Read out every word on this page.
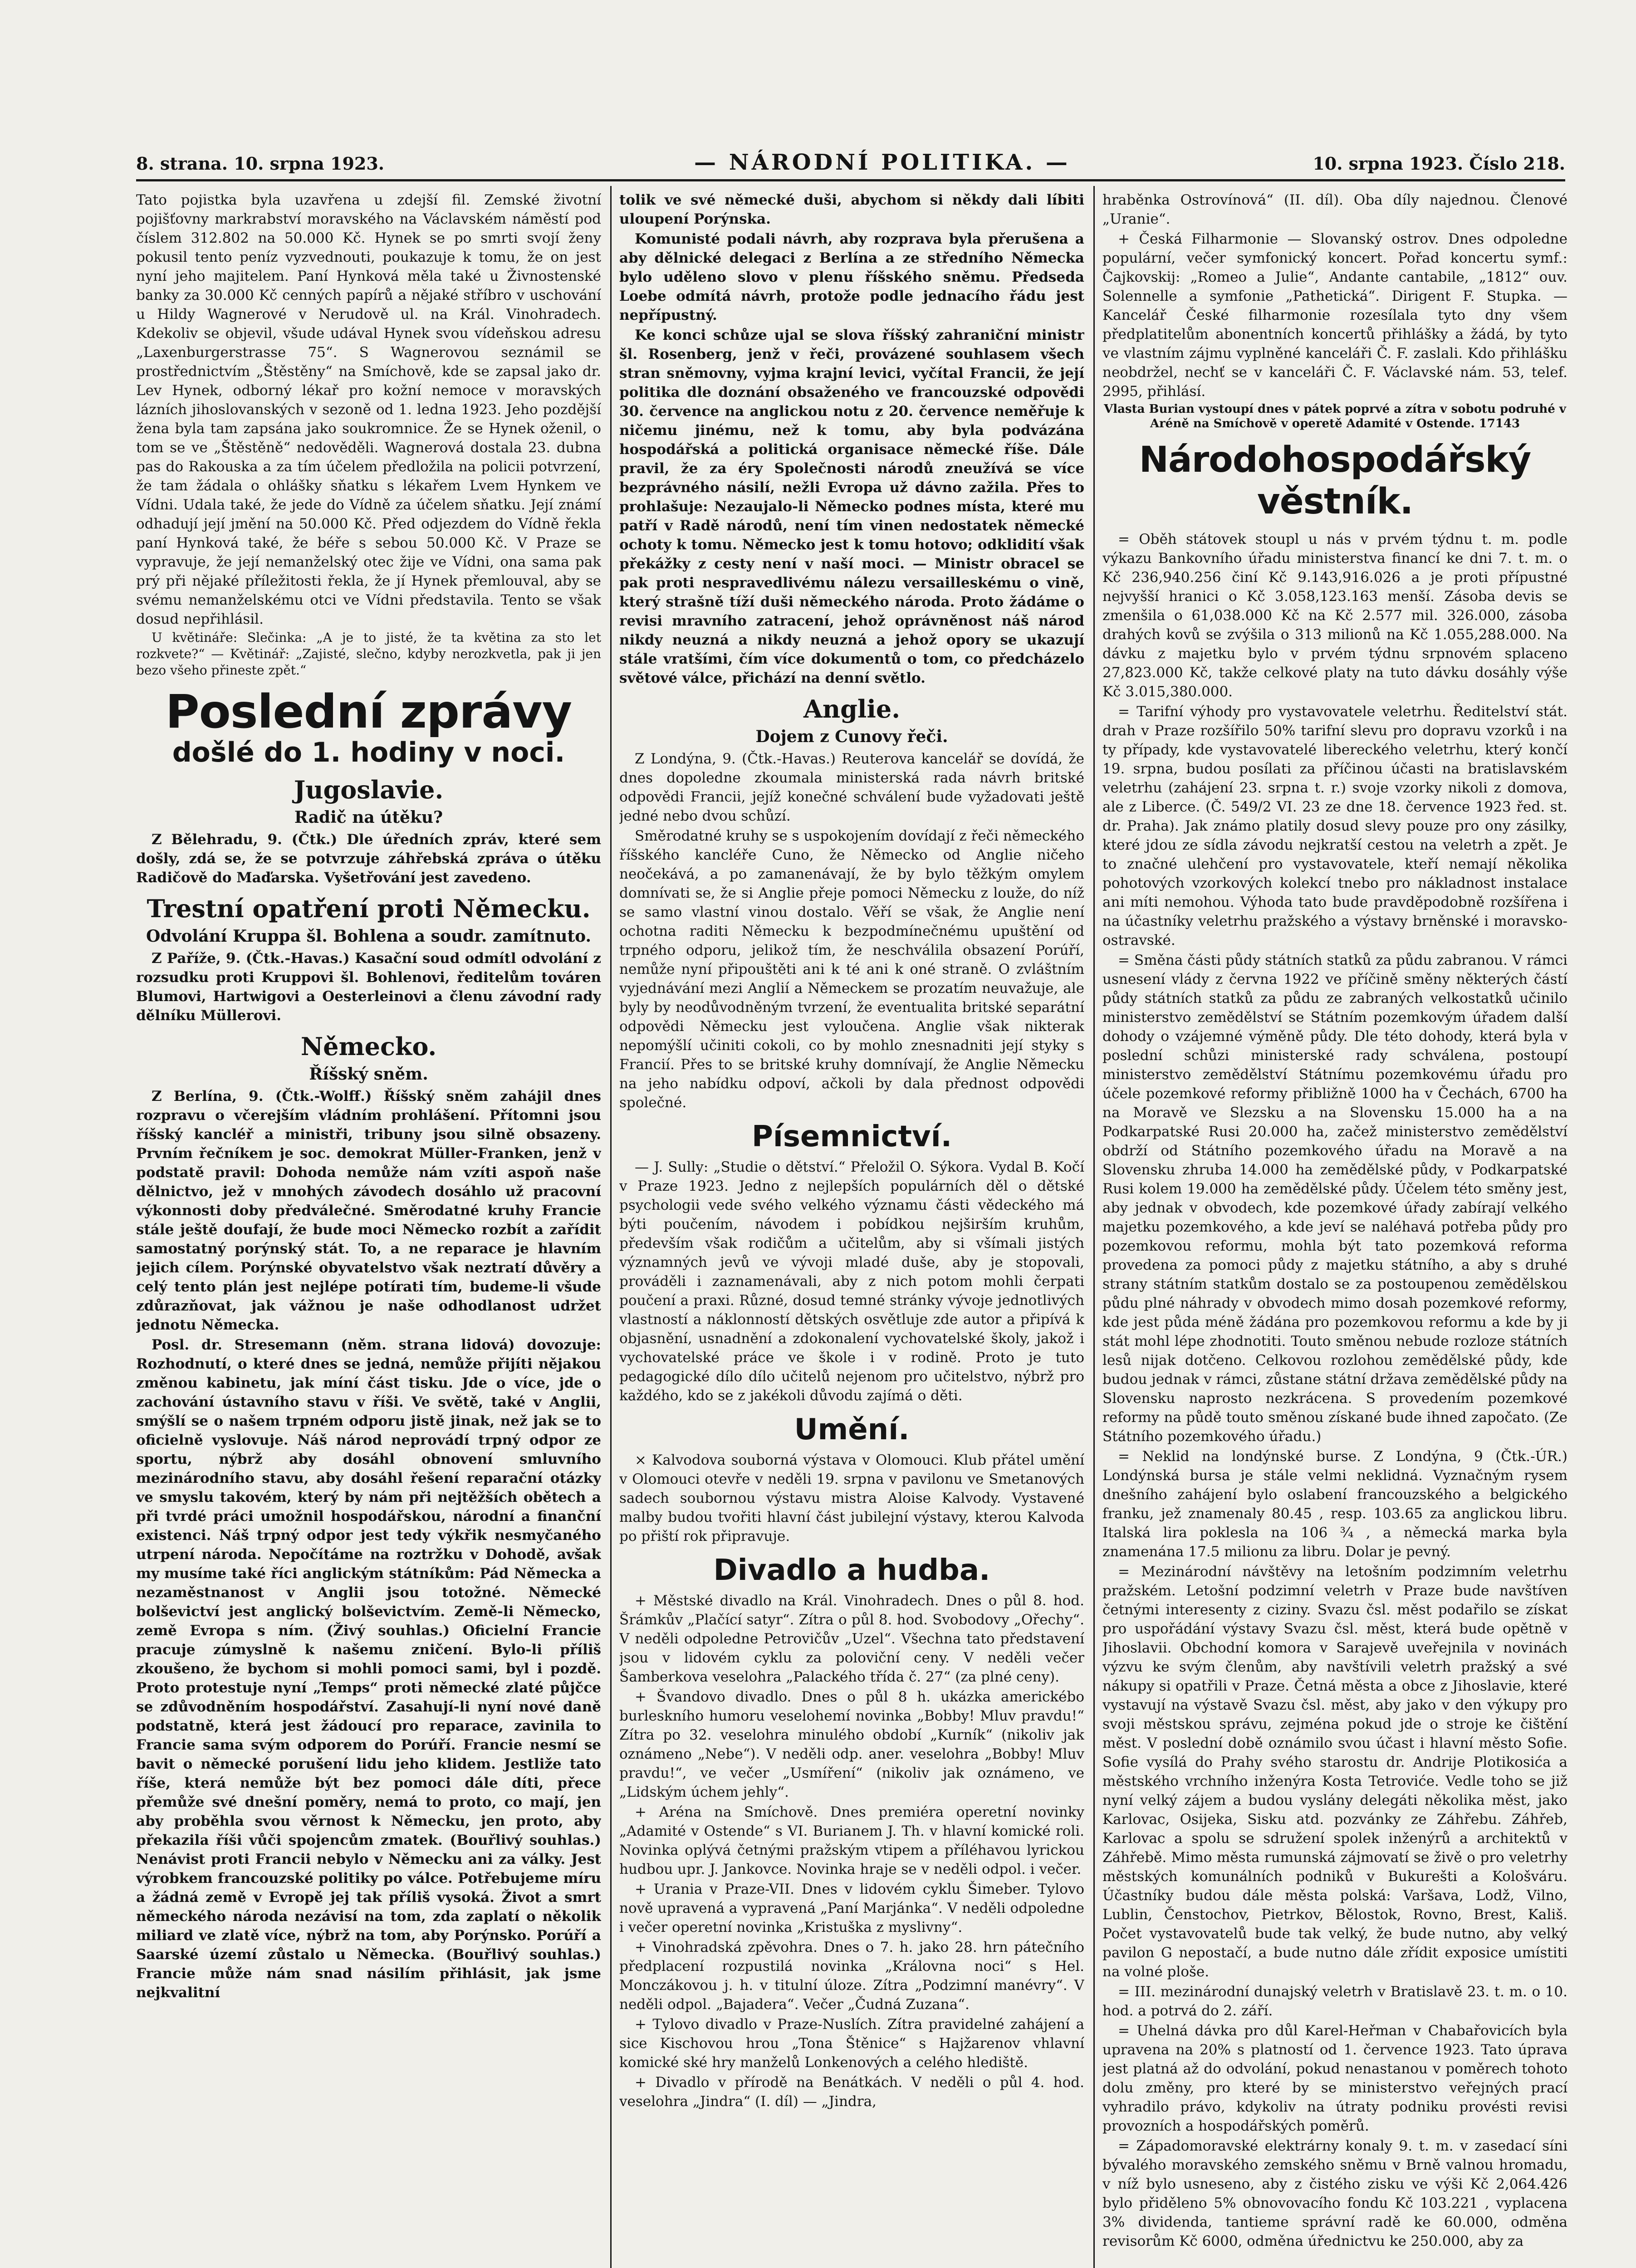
8. strana. 10. srpna 1923.	— NÁRODNÍ POLITIKA. —	10. srpna 1923. Číslo 218.

Tato pojistka byla uzavřena u zdejší fil. Zemské životní pojišťovny markrabství moravského na Václavském náměstí pod číslem 312.802 na 50.000 Kč. Hynek se po smrti svojí ženy pokusil tento peníz vyzvednouti, poukazuje k tomu, že on jest nyní jeho majitelem. Paní Hynková měla také u Živnostenské banky za 30.000 Kč cenných papírů a nějaké stříbro v uschování u Hildy Wagnerové v Nerudově ul. na Král. Vinohradech. Kdekoliv se objevil, všude udával Hynek svou vídeňskou adresu „Laxenburgerstrasse 75“. S Wagnerovou seznámil se prostřednictvím „Štěstěny“ na Smíchově, kde se zapsal jako dr. Lev Hynek, odborný lékař pro kožní nemoce v moravských lázních jihoslovanských v sezoně od 1. ledna 1923. Jeho pozdější žena byla tam zapsána jako soukromnice. Že se Hynek oženil, o tom se ve „Štěstěně“ nedověděli. Wagnerová dostala 23. dubna pas do Rakouska a za tím účelem předložila na policii potvrzení, že tam žádala o ohlášky sňatku s lékařem Lvem Hynkem ve Vídni. Udala také, že jede do Vídně za účelem sňatku. Její známí odhadují její jmění na 50.000 Kč. Před odjezdem do Vídně řekla paní Hynková také, že béře s sebou 50.000 Kč. V Praze se vypravuje, že její nemanželský otec žije ve Vídni, ona sama pak prý při nějaké příležitosti řekla, že jí Hynek přemlouval, aby se svému nemanželskému otci ve Vídni představila. Tento se však dosud nepřihlásil.

U květináře: Slečinka: „A je to jisté, že ta květina za sto let rozkvete?“ — Květinář: „Zajisté, slečno, kdyby nerozkvetla, pak ji jen bezo všeho přineste zpět.“

Poslední zprávy
došlé do 1. hodiny v noci.
Jugoslavie.
Radič na útěku?

Z Bělehradu, 9. (Čtk.) Dle úředních zpráv, které sem došly, zdá se, že se potvrzuje záhřebská zpráva o útěku Radičově do Maďarska. Vyšetřování jest zavedeno.

Trestní opatření proti Německu.
Odvolání Kruppa šl. Bohlena a soudr. zamítnuto.

Z Paříže, 9. (Čtk.-Havas.) Kasační soud odmítl odvolání z rozsudku proti Kruppovi šl. Bohlenovi, ředitelům továren Blumovi, Hartwigovi a Oesterleinovi a členu závodní rady dělníku Müllerovi.

Německo.
Říšský sněm.

Z Berlína, 9. (Čtk.-Wolff.) Říšský sněm zahájil dnes rozpravu o včerejším vládním prohlášení. Přítomni jsou říšský kancléř a ministři, tribuny jsou silně obsazeny. Prvním řečníkem je soc. demokrat Müller-Franken, jenž v podstatě pravil: Dohoda nemůže nám vzíti aspoň naše dělnictvo, jež v mnohých závodech dosáhlo už pracovní výkonnosti doby předválečné. Směrodatné kruhy Francie stále ještě doufají, že bude moci Německo rozbít a zařídit samostatný porýnský stát. To, a ne reparace je hlavním jejich cílem. Porýnské obyvatelstvo však neztratí důvěry a celý tento plán jest nejlépe potírati tím, budeme-li všude zdůrazňovat, jak vážnou je naše odhodlanost udržet jednotu Německa.

Posl. dr. Stresemann (něm. strana lidová) dovozuje: Rozhodnutí, o které dnes se jedná, nemůže přijíti nějakou změnou kabinetu, jak míní část tisku. Jde o více, jde o zachování ústavního stavu v říši. Ve světě, také v Anglii, smýšlí se o našem trpném odporu jistě jinak, než jak se to oficielně vyslovuje. Náš národ neprovádí trpný odpor ze sportu, nýbrž aby dosáhl obnovení smluvního mezinárodního stavu, aby dosáhl řešení reparační otázky ve smyslu takovém, který by nám při nejtěžších obětech a při tvrdé práci umožnil hospodářskou, národní a finanční existenci. Náš trpný odpor jest tedy výkřik nesmyčaného utrpení národa. Nepočítáme na roztržku v Dohodě, avšak my musíme také říci anglickým státníkům: Pád Německa a nezaměstnanost v Anglii jsou totožné. Německé bolševictví jest anglický bolševictvím. Země-li Německo, země Evropa s ním. (Živý souhlas.) Oficielní Francie pracuje zúmyslně k našemu zničení. Bylo-li příliš zkoušeno, že bychom si mohli pomoci sami, byl i pozdě. Proto protestuje nyní „Temps“ proti německé zlaté půjčce se zdůvodněním hospodářství. Zasahují-li nyní nové daně podstatně, která jest žádoucí pro reparace, zavinila to Francie sama svým odporem do Porúří. Francie nesmí se bavit o německé porušení lidu jeho klidem. Jestliže tato říše, která nemůže být bez pomoci dále díti, přece přemůže své dnešní poměry, nemá to proto, co mají, jen aby proběhla svou věrnost k Německu, jen proto, aby překazila říši vůči spojencům zmatek. (Bouřlivý souhlas.) Nenávist proti Francii nebylo v Německu ani za války. Jest výrobkem francouzské politiky po válce. Potřebujeme míru a žádná země v Evropě jej tak příliš vysoká. Život a smrt německého národa nezávisí na tom, zda zaplatí o několik miliard ve zlatě více, nýbrž na tom, aby Porýnsko. Porúří a Saarské území zůstalo u Německa. (Bouřlivý souhlas.) Francie může nám snad násilím přihlásit, jak jsme nejkvalitní

tolik ve své německé duši, abychom si někdy dali líbiti uloupení Porýnska.

Komunisté podali návrh, aby rozprava byla přerušena a aby dělnické delegaci z Berlína a ze středního Německa bylo uděleno slovo v plenu říšského sněmu. Předseda Loebe odmítá návrh, protože podle jednacího řádu jest nepřípustný.

Ke konci schůze ujal se slova říšský zahraniční ministr šl. Rosenberg, jenž v řeči, provázené souhlasem všech stran sněmovny, vyjma krajní levici, vyčítal Francii, že její politika dle doznání obsaženého ve francouzské odpovědi 30. července na anglickou notu z 20. července neměřuje k ničemu jinému, než k tomu, aby byla podvázána hospodářská a politická organisace německé říše. Dále pravil, že za éry Společnosti národů zneužívá se více bezprávného násilí, nežli Evropa už dávno zažila. Přes to prohlašuje: Nezaujalo-li Německo podnes místa, které mu patří v Radě národů, není tím vinen nedostatek německé ochoty k tomu. Německo jest k tomu hotovo; odklidití však překážky z cesty není v naší moci. — Ministr obracel se pak proti nespravedlivému nálezu versailleskému o vině, který strašně tíží duši německého národa. Proto žádáme o revisi mravního zatracení, jehož oprávněnost náš národ nikdy neuzná a nikdy neuzná a jehož opory se ukazují stále vratšími, čím více dokumentů o tom, co předcházelo světové válce, přichází na denní světlo.

Anglie.
Dojem z Cunovy řeči.

Z Londýna, 9. (Čtk.-Havas.) Reuterova kancelář se dovídá, že dnes dopoledne zkoumala ministerská rada návrh britské odpovědi Francii, jejíž konečné schválení bude vyžadovati ještě jedné nebo dvou schůzí.

Směrodatné kruhy se s uspokojením dovídají z řeči německého říšského kancléře Cuno, že Německo od Anglie ničeho neočekává, a po zamanenávají, že by bylo těžkým omylem domnívati se, že si Anglie přeje pomoci Německu z louže, do níž se samo vlastní vinou dostalo. Věří se však, že Anglie není ochotna raditi Německu k bezpodmínečnému upuštění od trpného odporu, jelikož tím, že neschválila obsazení Porúří, nemůže nyní připouštěti ani k té ani k oné straně. O zvláštním vyjednávání mezi Anglií a Německem se prozatím neuvažuje, ale byly by neodůvodněným tvrzení, že eventualita britské separátní odpovědi Německu jest vyloučena. Anglie však nikterak nepomýšlí učiniti cokoli, co by mohlo znesnadniti její styky s Francií. Přes to se britské kruhy domnívají, že Anglie Německu na jeho nabídku odpoví, ačkoli by dala přednost odpovědi společné.

Písemnictví.

— J. Sully: „Studie o dětství.“ Přeložil O. Sýkora. Vydal B. Kočí v Praze 1923. Jedno z nejlepších populárních děl o dětské psychologii vede svého velkého významu části vědeckého má býti poučením, návodem i pobídkou nejširším kruhům, především však rodičům a učitelům, aby si všímali jistých významných jevů ve vývoji mladé duše, aby je stopovali, prováděli i zaznamenávali, aby z nich potom mohli čerpati poučení a praxi. Různé, dosud temné stránky vývoje jednotlivých vlastností a náklonností dětských osvětluje zde autor a připívá k objasnění, usnadnění a zdokonalení vychovatelské školy, jakož i vychovatelské práce ve škole i v rodině. Proto je tuto pedagogické dílo dílo učitelů nejenom pro učitelstvo, nýbrž pro každého, kdo se z jakékoli důvodu zajímá o děti.

Umění.

× Kalvodova souborná výstava v Olomouci. Klub přátel umění v Olomouci otevře v neděli 19. srpna v pavilonu ve Smetanových sadech soubornou výstavu mistra Aloise Kalvody. Vystavené malby budou tvořiti hlavní část jubilejní výstavy, kterou Kalvoda po přiští rok připravuje.

Divadlo a hudba.

+ Městské divadlo na Král. Vinohradech. Dnes o půl 8. hod. Šrámkův „Plačící satyr“. Zítra o půl 8. hod. Svobodovy „Ořechy“. V neděli odpoledne Petrovičův „Uzel“. Všechna tato představení jsou v lidovém cyklu za poloviční ceny. V neděli večer Šamberkova veselohra „Palackého třída č. 27“ (za plné ceny).

+ Švandovo divadlo. Dnes o půl 8 h. ukázka americkébo burleskního humoru veselohemí novinka „Bobby! Mluv pravdu!“ Zítra po 32. veselohra minulého období „Kurník“ (nikoliv jak oznámeno „Nebe“). V neděli odp. aner. veselohra „Bobby! Mluv pravdu!“, ve večer „Usmíření“ (nikoliv jak oznámeno, ve „Lidským úchem jehly“.

+ Aréna na Smíchově. Dnes premiéra operetní novinky „Adamité v Ostende“ s VI. Burianem J. Th. v hlavní komické roli. Novinka oplývá četnými pražským vtipem a příléhavou lyrickou hudbou upr. J. Jankovce. Novinka hraje se v neděli odpol. i večer.

+ Urania v Praze-VII. Dnes v lidovém cyklu Šimeber. Tylovo nově upravená a vypravená „Paní Marjánka“. V neděli odpoledne i večer operetní novinka „Kristuška z myslivny“.

+ Vinohradská zpěvohra. Dnes o 7. h. jako 28. hrn pátečního předplacení rozpustilá novinka „Královna noci“ s Hel. Monczákovou j. h. v titulní úloze. Zítra „Podzimní manévry“. V neděli odpol. „Bajadera“. Večer „Čudná Zuzana“.

+ Tylovo divadlo v Praze-Nuslích. Zítra pravidelné zahájení a sice Kischovou hrou „Tona Štěnice“ s Hajžarenov vhlavní komické ské hry manželů Lonkenových a celého hlediště.

+ Divadlo v přírodě na Benátkách. V neděli o půl 4. hod. veselohra „Jindra“ (I. díl) — „Jindra,

hraběnka Ostrovínová“ (II. díl). Oba díly najednou. Členové „Uranie“.

+ Česká Filharmonie — Slovanský ostrov. Dnes odpoledne populární, večer symfonický koncert. Pořad koncertu symf.: Čajkovskij: „Romeo a Julie“, Andante cantabile, „1812“ ouv. Solennelle a symfonie „Pathetická“. Dirigent F. Stupka. — Kancelář České filharmonie rozesílala tyto dny všem předplatitelům abonentních koncertů přihlášky a žádá, by tyto ve vlastním zájmu vyplněné kanceláři Č. F. zaslali. Kdo přihlášku neobdržel, nechť se v kanceláři Č. F. Václavské nám. 53, telef. 2995, přihlásí.

Vlasta Burian vystoupí dnes v pátek poprvé a zítra v sobotu podruhé v Aréně na Smíchově v operetě Adamité v Ostende. 17143

Národohospodářský věstník.

= Oběh státovek stoupl u nás v prvém týdnu t. m. podle výkazu Bankovního úřadu ministerstva financí ke dni 7. t. m. o Kč 236,940.256 činí Kč 9.143,916.026 a je proti přípustné nejvyšší hranici o Kč 3.058,123.163 menší. Zásoba devis se zmenšila o 61,038.000 Kč na Kč 2.577 mil. 326.000, zásoba drahých kovů se zvýšila o 313 milionů na Kč 1.055,288.000. Na dávku z majetku bylo v prvém týdnu srpnovém splaceno 27,823.000 Kč, takže celkové platy na tuto dávku dosáhly výše Kč 3.015,380.000.

= Tarifní výhody pro vystavovatele veletrhu. Ředitelství stát. drah v Praze rozšířilo 50% tarifní slevu pro dopravu vzorků i na ty případy, kde vystavovatelé libereckého veletrhu, který končí 19. srpna, budou posílati za příčinou účasti na bratislavském veletrhu (zahájení 23. srpna t. r.) svoje vzorky nikoli z domova, ale z Liberce. (Č. 549/2 VI. 23 ze dne 18. července 1923 řed. st. dr. Praha). Jak známo platily dosud slevy pouze pro ony zásilky, které jdou ze sídla závodu nejkratší cestou na veletrh a zpět. Je to značné ulehčení pro vystavovatele, kteří nemají několika pohotových vzorkových kolekcí tnebo pro nákladnost instalace ani míti nemohou. Výhoda tato bude pravděpodobně rozšířena i na účastníky veletrhu pražského a výstavy brněnské i moravsko-ostravské.

= Směna části půdy státních statků za půdu zabranou. V rámci usnesení vlády z června 1922 ve příčině směny některých částí půdy státních statků za půdu ze zabraných velkostatků učinilo ministerstvo zemědělství se Státním pozemkovým úřadem další dohody o vzájemné výměně půdy. Dle této dohody, která byla v poslední schůzi ministerské rady schválena, postoupí ministerstvo zemědělství Státnímu pozemkovému úřadu pro účele pozemkové reformy přibližně 1000 ha v Čechách, 6700 ha na Moravě ve Slezsku a na Slovensku 15.000 ha a na Podkarpatské Rusi 20.000 ha, začež ministerstvo zemědělství obdrží od Státního pozemkového úřadu na Moravě a na Slovensku zhruba 14.000 ha zemědělské půdy, v Podkarpatské Rusi kolem 19.000 ha zemědělské půdy. Účelem této směny jest, aby jednak v obvodech, kde pozemkové úřady zabírají velkého majetku pozemkového, a kde jeví se naléhavá potřeba půdy pro pozemkovou reformu, mohla být tato pozemková reforma provedena za pomoci půdy z majetku státního, a aby s druhé strany státním statkům dostalo se za postoupenou zemědělskou půdu plné náhrady v obvodech mimo dosah pozemkové reformy, kde jest půda méně žádána pro pozemkovou reformu a kde by ji stát mohl lépe zhodnotiti. Touto směnou nebude rozloze státních lesů nijak dotčeno. Celkovou rozlohou zemědělské půdy, kde budou jednak v rámci, zůstane státní država zemědělské půdy na Slovensku naprosto nezkrácena. S provedením pozemkové reformy na půdě touto směnou získané bude ihned započato. (Ze Státního pozemkového úřadu.)

= Neklid na londýnské burse. Z Londýna, 9 (Čtk.-ÚR.) Londýnská bursa je stále velmi neklidná. Vyznačným rysem dnešního zahájení bylo oslabení francouzského a belgického franku, jež znamenaly 80.45 , resp. 103.65 za anglickou libru. Italská lira poklesla na 106 ¾ , a německá marka byla znamenána 17.5 milionu za libru. Dolar je pevný.

= Mezinárodní návštěvy na letošním podzimním veletrhu pražském. Letošní podzimní veletrh v Praze bude navštíven četnými interesenty z ciziny. Svazu čsl. měst podařilo se získat pro uspořádání výstavy Svazu čsl. měst, která bude opětně v Jihoslavii. Obchodní komora v Sarajevě uveřejnila v novinách výzvu ke svým členům, aby navštívili veletrh pražský a své nákupy si opatřili v Praze. Četná města a obce z Jihoslavie, které vystavují na výstavě Svazu čsl. měst, aby jako v den výkupy pro svoji městskou správu, zejména pokud jde o stroje ke čištění měst. V poslední době oznámilo svou účast i hlavní město Sofie. Sofie vysílá do Prahy svého starostu dr. Andrije Plotikosića a městského vrchního inženýra Kosta Tetroviće. Vedle toho se již nyní velký zájem a budou vyslány delegáti několika měst, jako Karlovac, Osijeka, Sisku atd. pozvánky ze Záhřebu. Záhřeb, Karlovac a spolu se sdružení spolek inženýrů a architektů v Záhřebě. Mimo města rumunská zájmovatí se živě o pro veletrhy městských komunálních podniků v Bukurešti a Kološváru. Účastníky budou dále města polská: Varšava, Lodž, Vilno, Lublin, Čenstochov, Pietrkov, Bělostok, Rovno, Brest, Kališ. Počet vystavovatelů bude tak velký, že bude nutno, aby velký pavilon G nepostačí, a bude nutno dále zřídit exposice umístiti na volné ploše.

= III. mezinárodní dunajský veletrh v Bratislavě 23. t. m. o 10. hod. a potrvá do 2. září.

= Uhelná dávka pro důl Karel-Heřman v Chabařovicích byla upravena na 20% s platností od 1. července 1923. Tato úprava jest platná až do odvolání, pokud nenastanou v poměrech tohoto dolu změny, pro které by se ministerstvo veřejných prací vyhradilo právo, kdykoliv na útraty podniku provésti revisi provozních a hospodářských poměrů.

= Západomoravské elektrárny konaly 9. t. m. v zasedací síni bývalého moravského zemského sněmu v Brně valnou hromadu, v níž bylo usneseno, aby z čistého zisku ve výši Kč 2,064.426 bylo přiděleno 5% obnovovacího fondu Kč 103.221 , vyplacena 3% dividenda, tantieme správní radě ke 60.000, odměna revisorům Kč 6000, odměna úřednictvu ke 250.000, aby za
